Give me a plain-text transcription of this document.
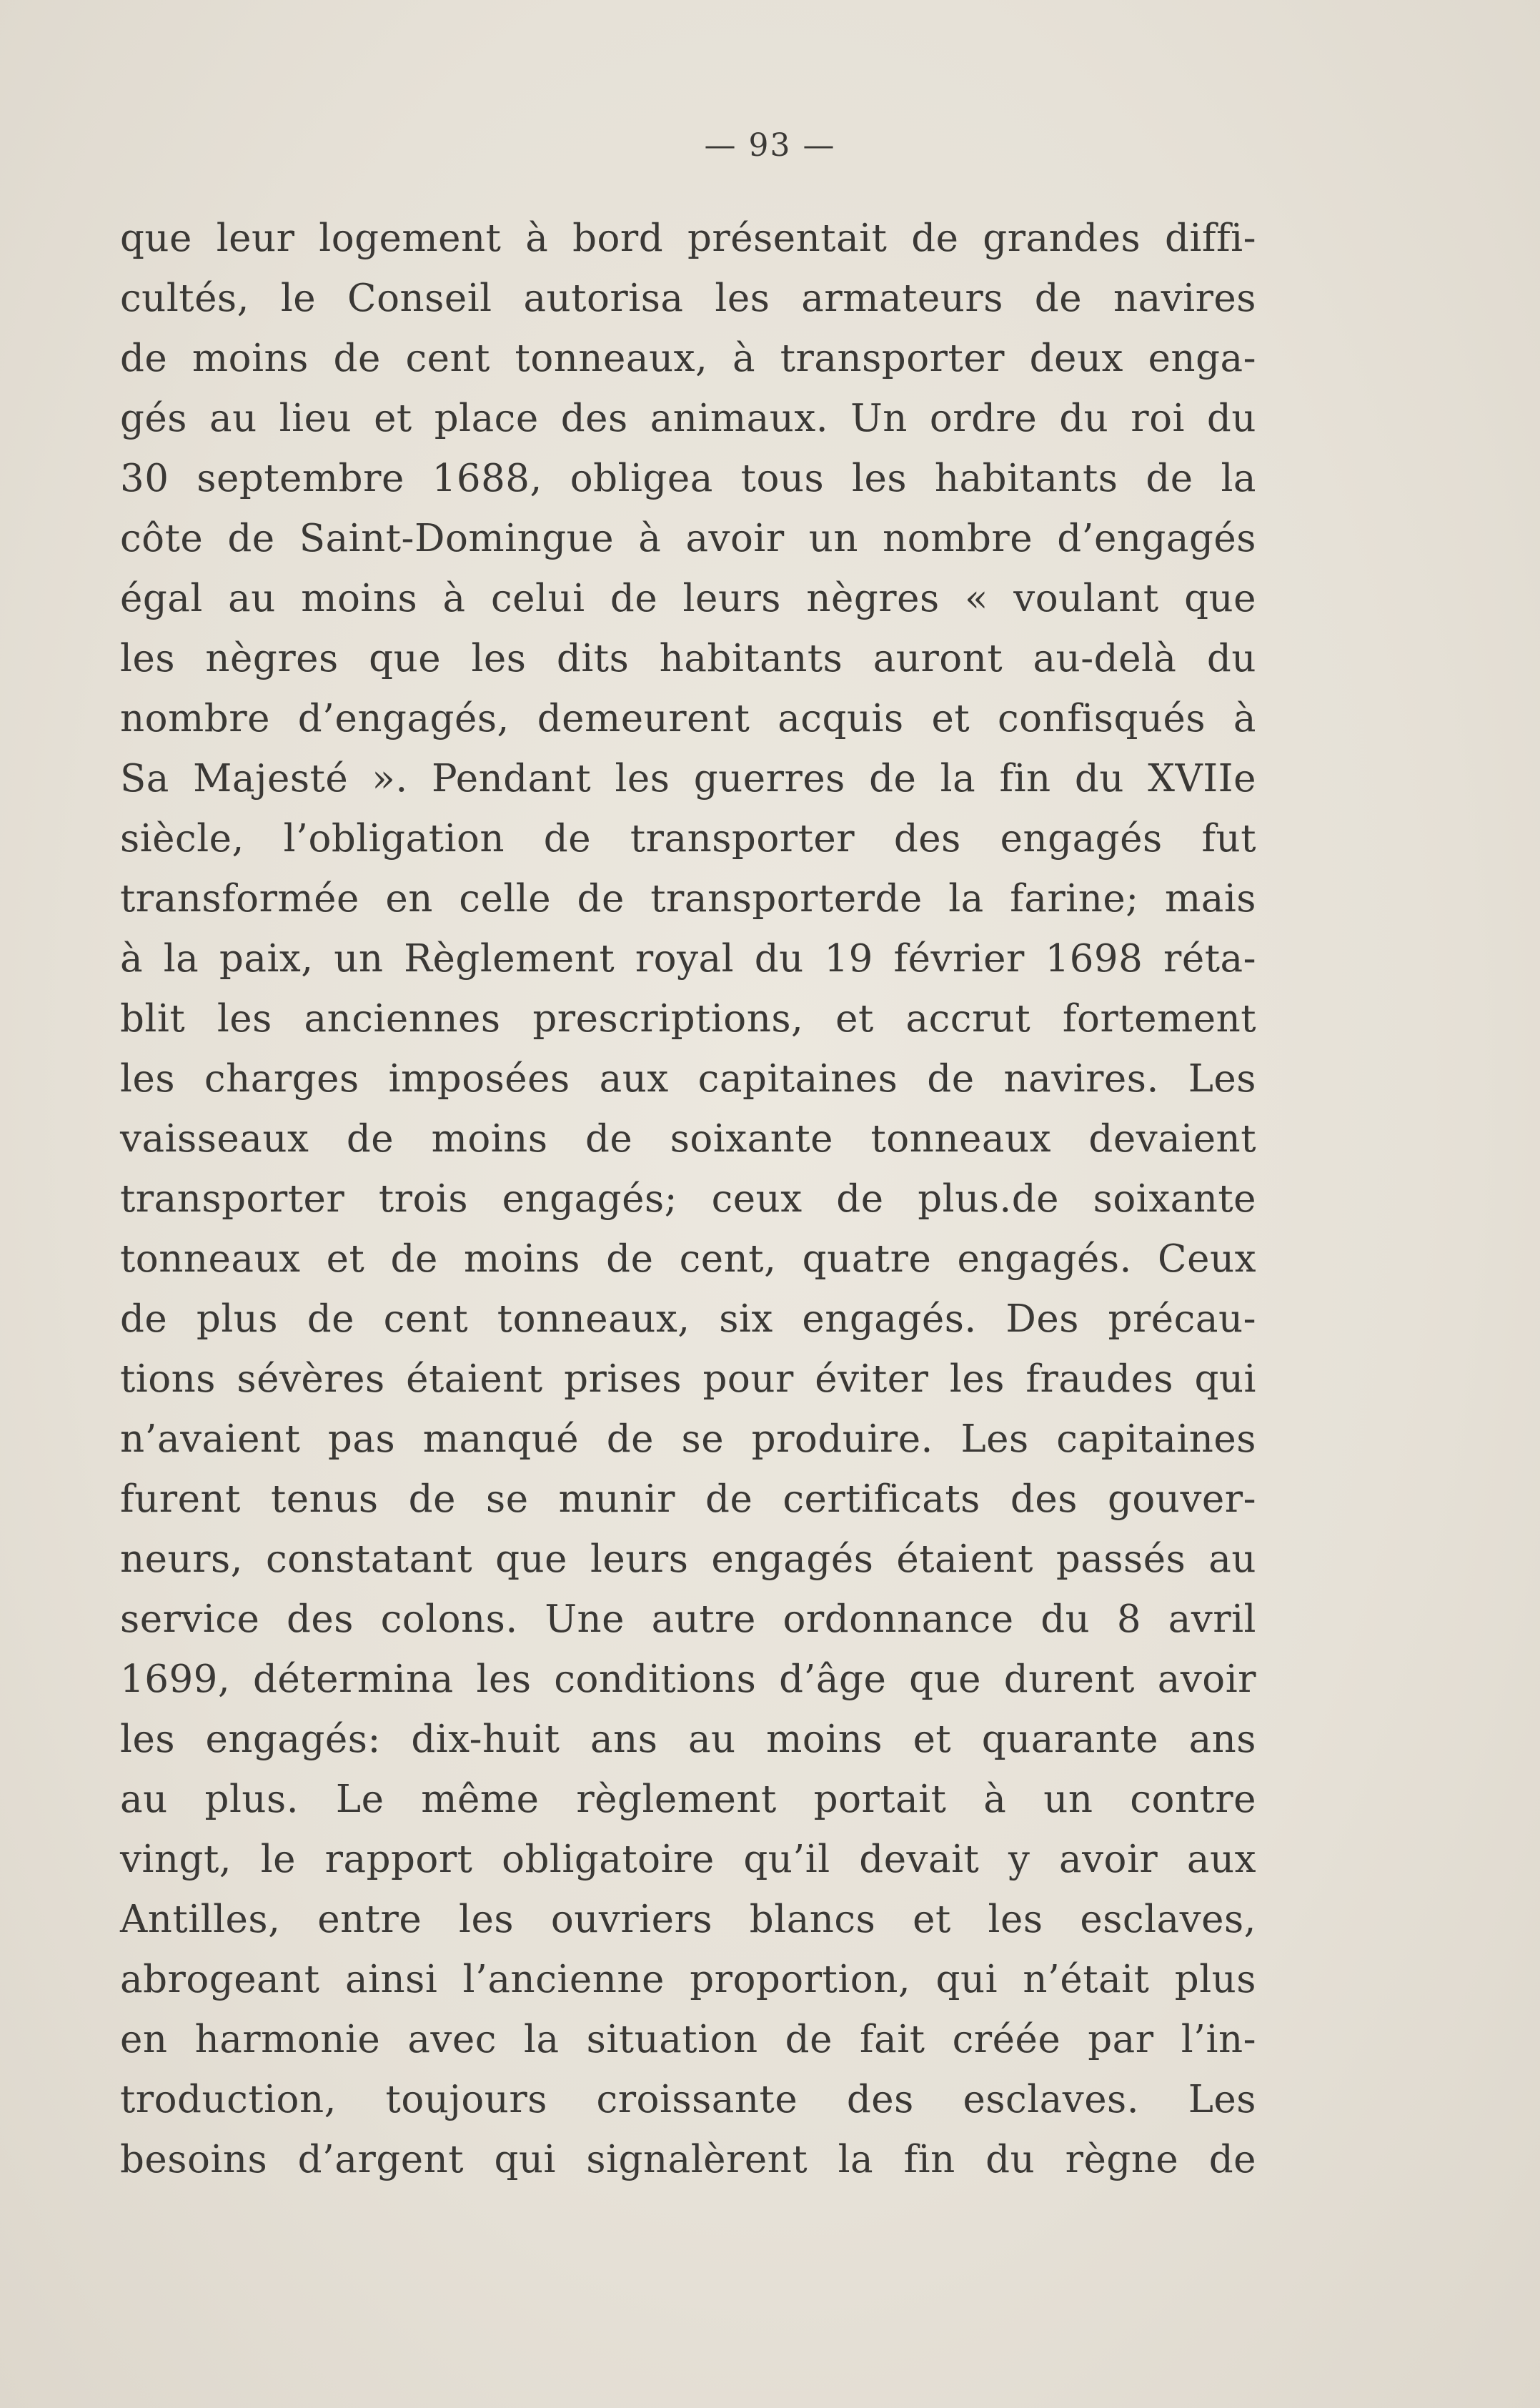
— 93 —
que leur logement à bord présentait de grandes diffi-
cultés, le Conseil autorisa les armateurs de navires
de moins de cent tonneaux, à transporter deux enga-
gés au lieu et place des animaux. Un ordre du roi du
30 septembre 1688, obligea tous les habitants de la
côte de Saint-Domingue à avoir un nombre d’engagés
égal au moins à celui de leurs nègres « voulant que
les nègres que les dits habitants auront au-delà du
nombre d’engagés, demeurent acquis et confisqués à
Sa Majesté ». Pendant les guerres de la fin du XVIIe
siècle, l’obligation de transporter des engagés fut
transformée en celle de transporterde la farine; mais
à la paix, un Règlement royal du 19 février 1698 réta-
blit les anciennes prescriptions, et accrut fortement
les charges imposées aux capitaines de navires. Les
vaisseaux de moins de soixante tonneaux devaient
transporter trois engagés; ceux de plus.de soixante
tonneaux et de moins de cent, quatre engagés. Ceux
de plus de cent tonneaux, six engagés. Des précau-
tions sévères étaient prises pour éviter les fraudes qui
n’avaient pas manqué de se produire. Les capitaines
furent tenus de se munir de certificats des gouver-
neurs, constatant que leurs engagés étaient passés au
service des colons. Une autre ordonnance du 8 avril
1699, détermina les conditions d’âge que durent avoir
les engagés: dix-huit ans au moins et quarante ans
au plus. Le même règlement portait à un contre
vingt, le rapport obligatoire qu’il devait y avoir aux
Antilles, entre les ouvriers blancs et les esclaves,
abrogeant ainsi l’ancienne proportion, qui n’était plus
en harmonie avec la situation de fait créée par l’in-
troduction, toujours croissante des esclaves. Les
besoins d’argent qui signalèrent la fin du règne de
